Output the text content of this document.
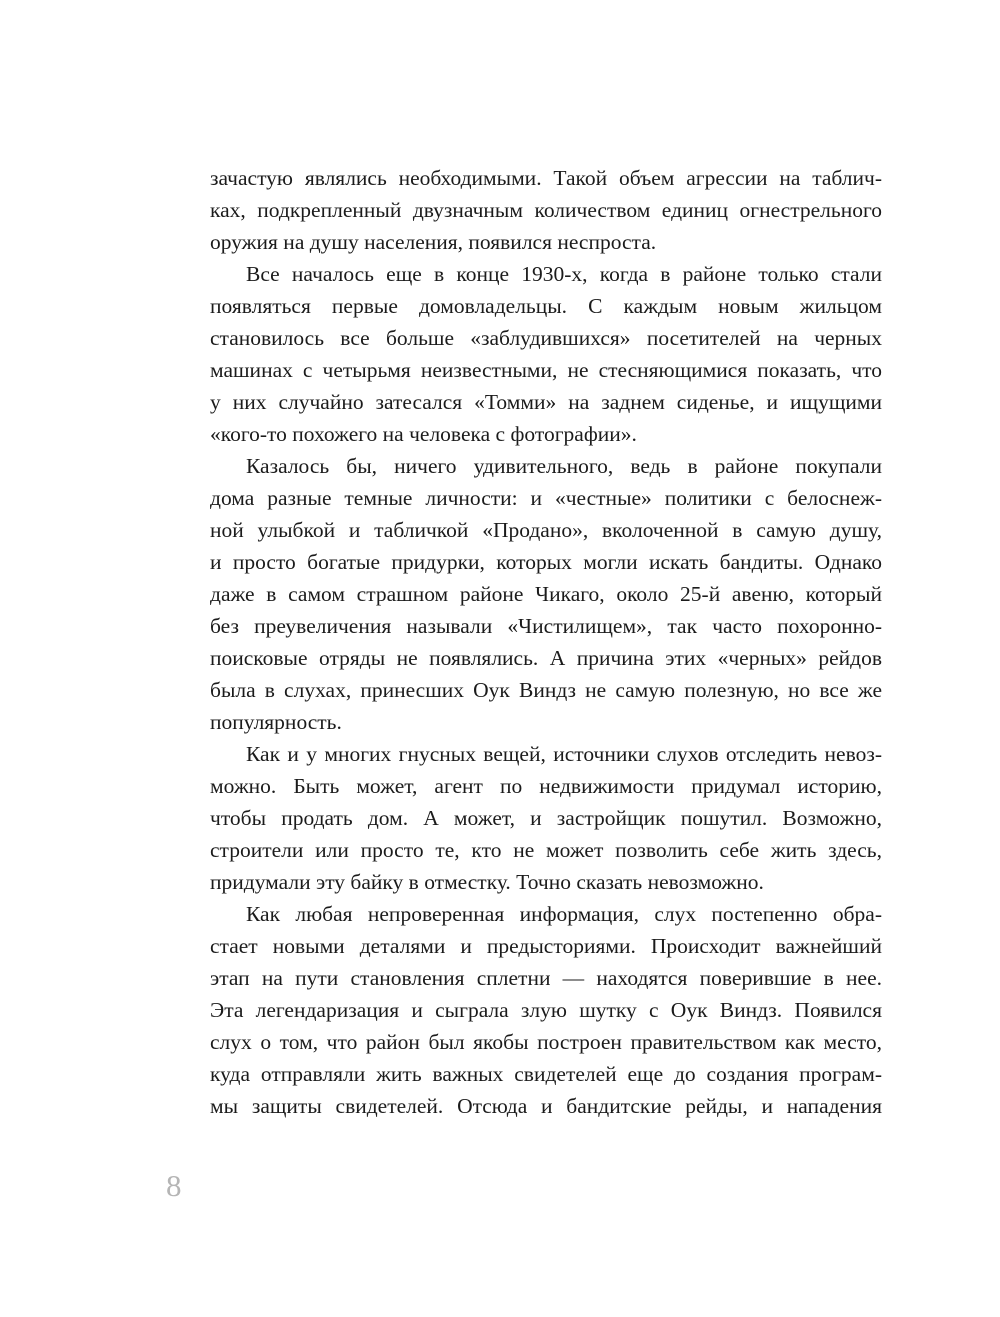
зачастую являлись необходимыми. Такой объем агрессии на таблич-
ках, подкрепленный двузначным количеством единиц огнестрельного
оружия на душу населения, появился неспроста.
Все началось еще в конце 1930-х, когда в районе только стали
появляться первые домовладельцы. С каждым новым жильцом
становилось все больше «заблудившихся» посетителей на черных
машинах с четырьмя неизвестными, не стесняющимися показать, что
у них случайно затесался «Томми» на заднем сиденье, и ищущими
«кого-то похожего на человека с фотографии».
Казалось бы, ничего удивительного, ведь в районе покупали
дома разные темные личности: и «честные» политики с белоснеж-
ной улыбкой и табличкой «Продано», вколоченной в самую душу,
и просто богатые придурки, которых могли искать бандиты. Однако
даже в самом страшном районе Чикаго, около 25-й авеню, который
без преувеличения называли «Чистилищем», так часто похоронно-
поисковые отряды не появлялись. А причина этих «черных» рейдов
была в слухах, принесших Оук Виндз не самую полезную, но все же
популярность.
Как и у многих гнусных вещей, источники слухов отследить невоз-
можно. Быть может, агент по недвижимости придумал историю,
чтобы продать дом. А может, и застройщик пошутил. Возможно,
строители или просто те, кто не может позволить себе жить здесь,
придумали эту байку в отместку. Точно сказать невозможно.
Как любая непроверенная информация, слух постепенно обра-
стает новыми деталями и предысториями. Происходит важнейший
этап на пути становления сплетни — находятся поверившие в нее.
Эта легендаризация и сыграла злую шутку с Оук Виндз. Появился
слух о том, что район был якобы построен правительством как место,
куда отправляли жить важных свидетелей еще до создания програм-
мы защиты свидетелей. Отсюда и бандитские рейды, и нападения
8
